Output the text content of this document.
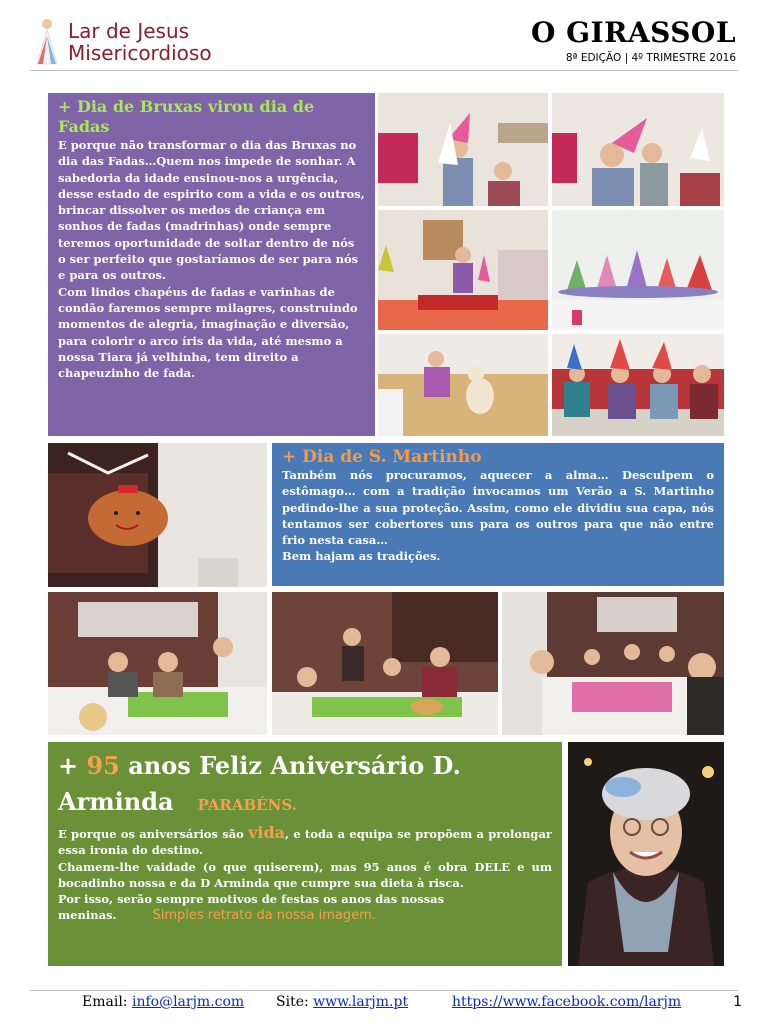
Lar de Jesus
Misericordioso
O GIRASSOL
8ª EDIÇÃO | 4º TRIMESTRE 2016
+ Dia de Bruxas virou dia de Fadas
E porque não transformar o dia das Bruxas no dia das Fadas…Quem nos impede de sonhar. A sabedoria da idade ensinou-nos a urgência, desse estado de espirito com a vida e os outros, brincar dissolver os medos de criança em sonhos de fadas (madrinhas) onde sempre teremos oportunidade de soltar dentro de nós o ser perfeito que gostaríamos de ser para nós e para os outros.
Com lindos chapéus de fadas e varinhas de condão faremos sempre milagres, construindo momentos de alegria, imaginação e diversão, para colorir o arco íris da vida, até mesmo a nossa Tiara já velhinha, tem direito a chapeuzinho de fada.
+ Dia de S. Martinho
Também nós procuramos, aquecer a alma… Desculpem o estômago… com a tradição invocamos um Verão a S. Martinho pedindo-lhe a sua proteção. Assim, como ele dividiu sua capa, nós tentamos ser cobertores uns para os outros para que não entre frio nesta casa…
Bem hajam as tradições.
+ 95 anos Feliz Aniversário D. Arminda PARABÉNS.
E porque os aniversários são vida, e toda a equipa se propõem a prolongar essa ironia do destino.
Chamem-lhe vaidade (o que quiserem), mas 95 anos é obra DELE e um bocadinho nossa e da D Arminda que cumpre sua dieta à risca.
Por isso, serão sempre motivos de festas os anos das nossas meninas.	Simples retrato da nossa imagem.
Email: info@larjm.com Site: www.larjm.pt	https://www.facebook.com/larjm	1
